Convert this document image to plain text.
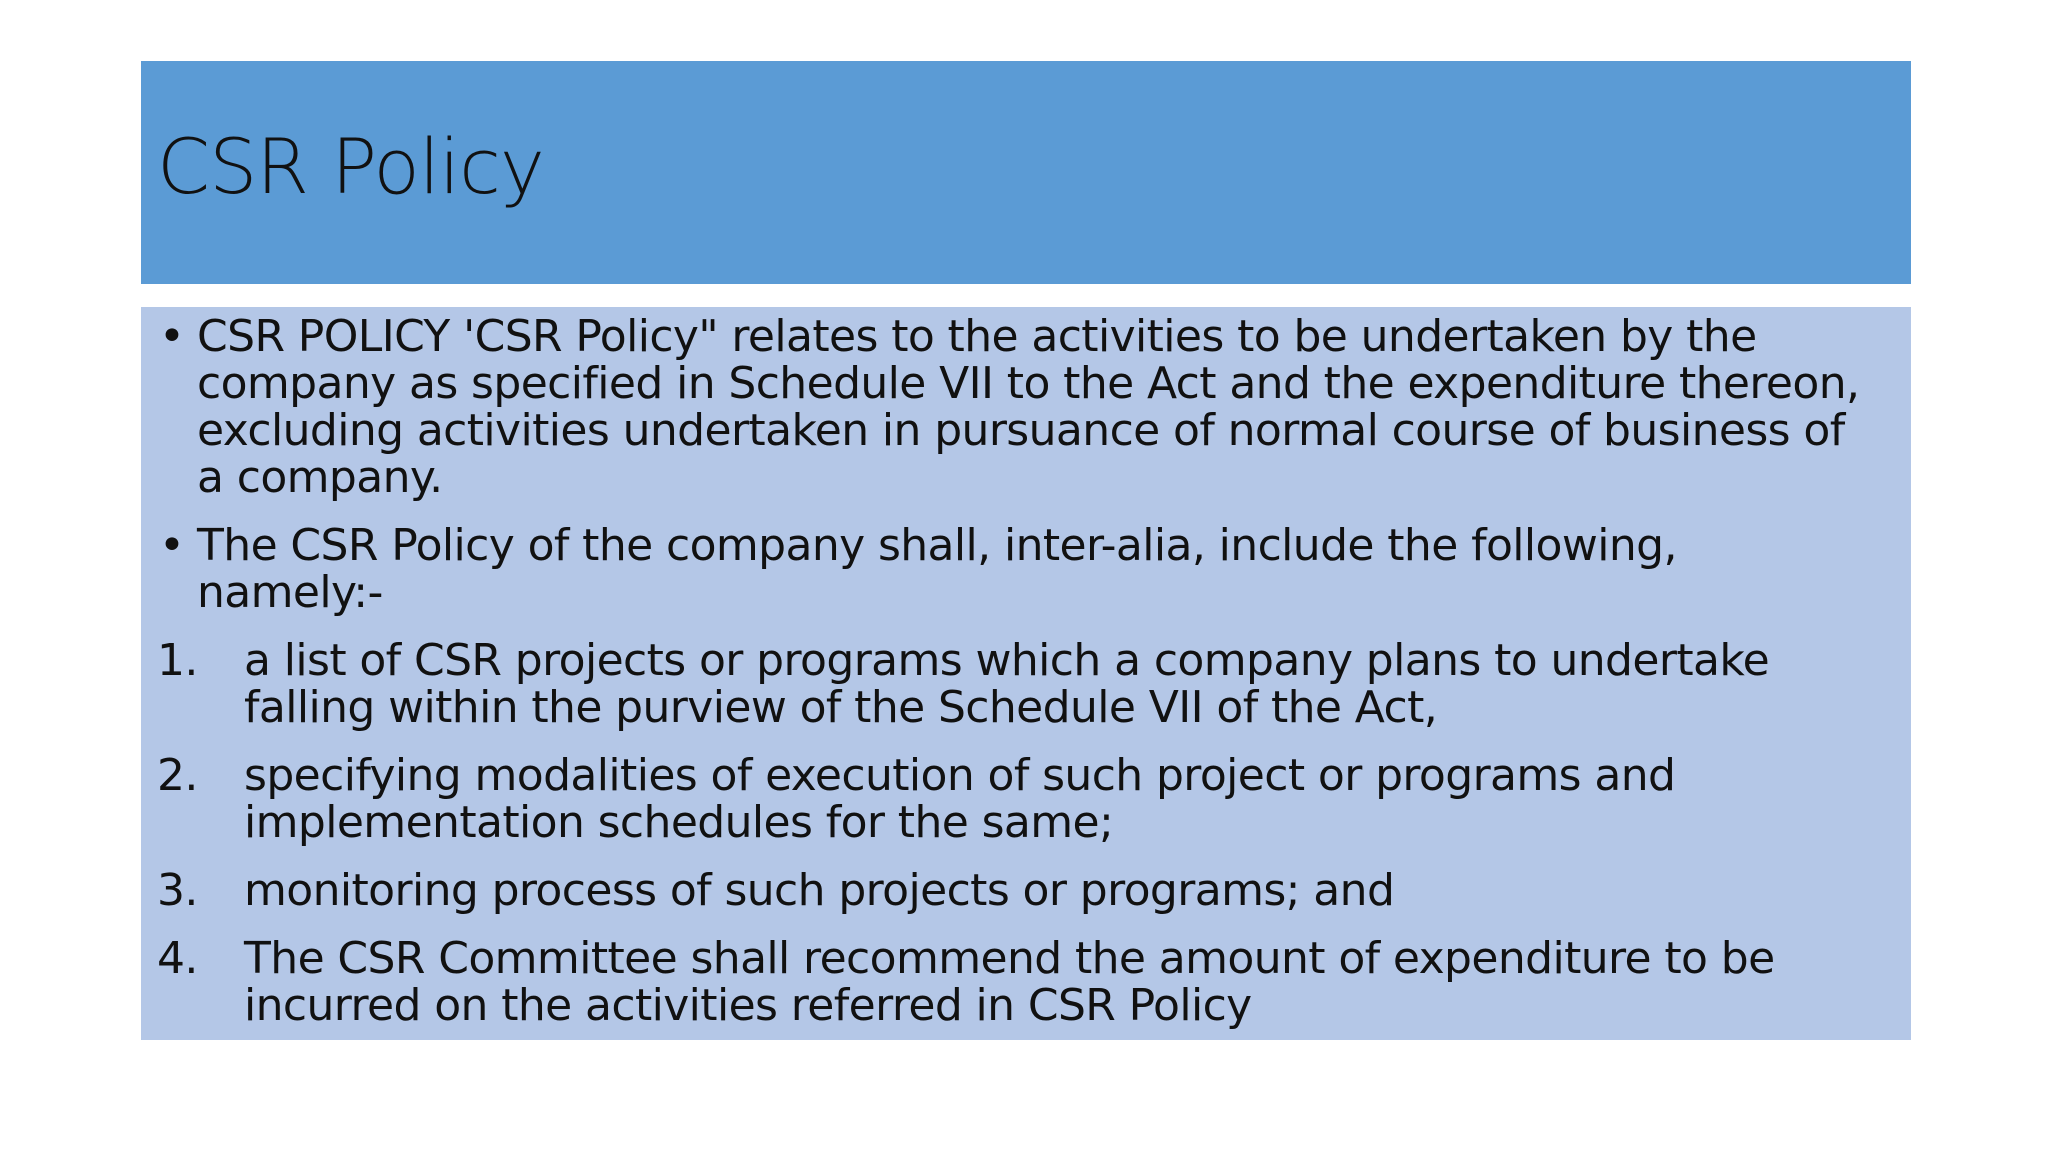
CSR Policy

• CSR POLICY 'CSR Policy" relates to the activities to be undertaken by the company as specified in Schedule VII to the Act and the expenditure thereon, excluding activities undertaken in pursuance of normal course of business of a company.

• The CSR Policy of the company shall, inter-alia, include the following, namely:-

1. a list of CSR projects or programs which a company plans to undertake falling within the purview of the Schedule VII of the Act,

2. specifying modalities of execution of such project or programs and implementation schedules for the same;

3. monitoring process of such projects or programs; and

4. The CSR Committee shall recommend the amount of expenditure to be incurred on the activities referred in CSR Policy
